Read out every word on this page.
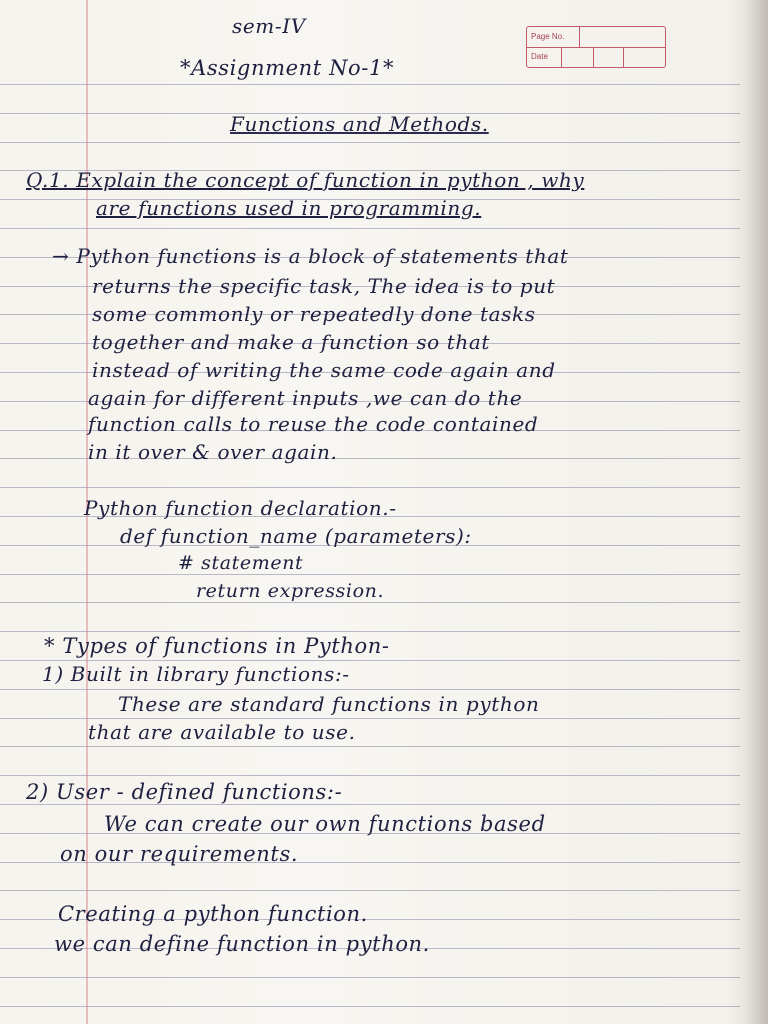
Page No.
Date
sem-IV
*Assignment No-1*
Functions and Methods.
Q.1. Explain the concept of function in python , why
are functions used in programming.
→ Python functions is a block of statements that
returns the specific task, The idea is to put
some commonly or repeatedly done tasks
together and make a function so that
instead of writing the same code again and
again for different inputs ,we can do the
function calls to reuse the code contained
in it over & over again.
Python function declaration.-
def function_name (parameters):
# statement
return expression.
* Types of functions in Python-
1) Built in library functions:-
These are standard functions in python
that are available to use.
2) User - defined functions:-
We can create our own functions based
on our requirements.
Creating a python function.
we can define function in python.
